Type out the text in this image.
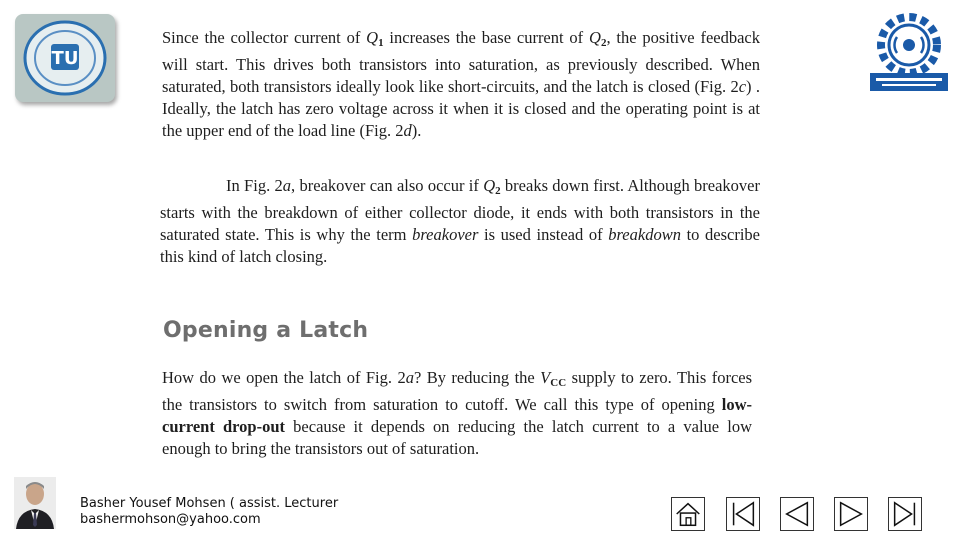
TU

Since the collector current of $Q_1$ increases the base current of $Q_2$, the positive feedback will start. This drives both transistors into saturation, as previously described. When saturated, both transistors ideally look like short-circuits, and the latch is closed (Fig. 2c) . Ideally, the latch has zero voltage across it when it is closed and the operating point is at the upper end of the load line (Fig. 2d).

In Fig. 2a, breakover can also occur if $Q_2$ breaks down first. Although breakover starts with the breakdown of either collector diode, it ends with both transistors in the saturated state. This is why the term breakover is used instead of breakdown to describe this kind of latch closing.

Opening a Latch

How do we open the latch of Fig. 2a? By reducing the $V_{CC}$ supply to zero. This forces the transistors to switch from saturation to cutoff. We call this type of opening low-current drop-out because it depends on reducing the latch current to a value low enough to bring the transistors out of saturation.

Basher Yousef Mohsen ( assist. Lecturer
bashermohson@yahoo.com
